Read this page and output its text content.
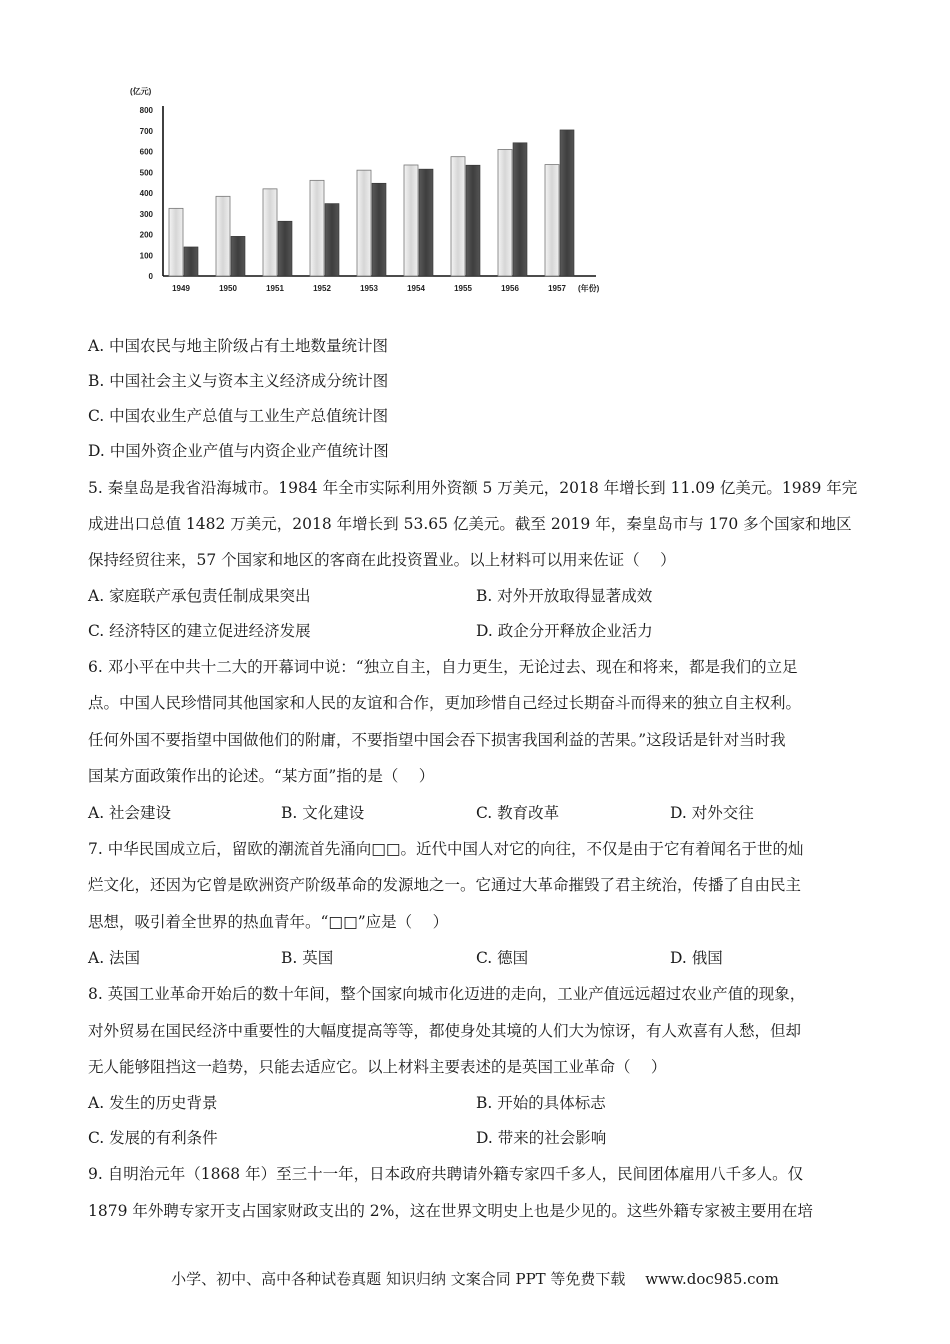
(亿元)
0
100
200
300
400
500
600
700
800
1949	1950	1951	1952	1953	1954	1955	1956	1957 (年份)
A. 中国农民与地主阶级占有土地数量统计图
B. 中国社会主义与资本主义经济成分统计图
C. 中国农业生产总值与工业生产总值统计图
D. 中国外资企业产值与内资企业产值统计图
5. 秦皇岛是我省沿海城市。1984 年全市实际利用外资额 5 万美元，2018 年增长到 11.09 亿美元。1989 年完
成进出口总值 1482 万美元，2018 年增长到 53.65 亿美元。截至 2019 年，秦皇岛市与 170 多个国家和地区
保持经贸往来，57 个国家和地区的客商在此投资置业。以上材料可以用来佐证（　 ）
A. 家庭联产承包责任制成果突出	B. 对外开放取得显著成效
C. 经济特区的建立促进经济发展	D. 政企分开释放企业活力
6. 邓小平在中共十二大的开幕词中说：“独立自主，自力更生，无论过去、现在和将来，都是我们的立足
点。中国人民珍惜同其他国家和人民的友谊和合作，更加珍惜自己经过长期奋斗而得来的独立自主权利。
任何外国不要指望中国做他们的附庸，不要指望中国会吞下损害我国利益的苦果。”这段话是针对当时我
国某方面政策作出的论述。“某方面”指的是（　 ）
A. 社会建设	B. 文化建设	C. 教育改革	D. 对外交往
7. 中华民国成立后，留欧的潮流首先涌向□□。近代中国人对它的向往，不仅是由于它有着闻名于世的灿
烂文化，还因为它曾是欧洲资产阶级革命的发源地之一。它通过大革命摧毁了君主统治，传播了自由民主
思想，吸引着全世界的热血青年。“□□”应是（　 ）
A. 法国	B. 英国	C. 德国	D. 俄国
8. 英国工业革命开始后的数十年间，整个国家向城市化迈进的走向，工业产值远远超过农业产值的现象，
对外贸易在国民经济中重要性的大幅度提高等等，都使身处其境的人们大为惊讶，有人欢喜有人愁，但却
无人能够阻挡这一趋势，只能去适应它。以上材料主要表述的是英国工业革命（　 ）
A. 发生的历史背景	B. 开始的具体标志
C. 发展的有利条件	D. 带来的社会影响
9. 自明治元年（1868 年）至三十一年，日本政府共聘请外籍专家四千多人，民间团体雇用八千多人。仅
1879 年外聘专家开支占国家财政支出的 2%，这在世界文明史上也是少见的。这些外籍专家被主要用在培
小学、初中、高中各种试卷真题 知识归纳 文案合同 PPT 等免费下载　 www.doc985.com
